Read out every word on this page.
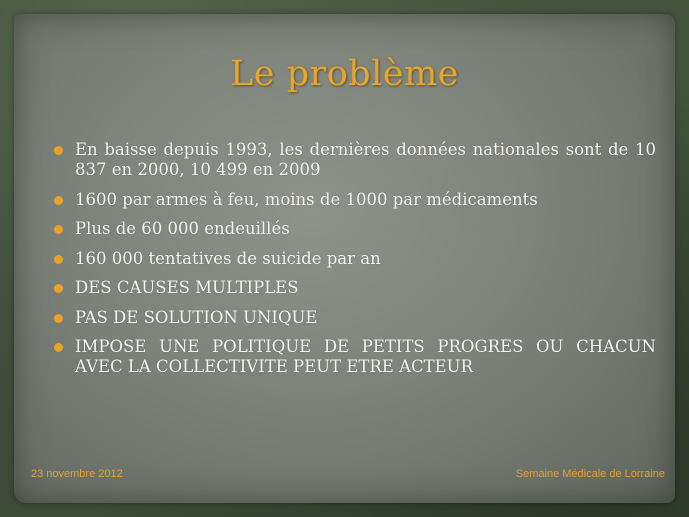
Le problème
En baisse depuis 1993, les dernières données nationales sont de 10 837 en 2000, 10 499 en 2009
1600 par armes à feu, moins de 1000 par médicaments
Plus de 60 000 endeuillés
160 000 tentatives de suicide par an
DES CAUSES MULTIPLES
PAS DE SOLUTION UNIQUE
IMPOSE UNE POLITIQUE DE PETITS PROGRES OU CHACUN AVEC LA COLLECTIVITE PEUT ETRE ACTEUR
23 novembre 2012	Semaine Médicale de Lorraine
